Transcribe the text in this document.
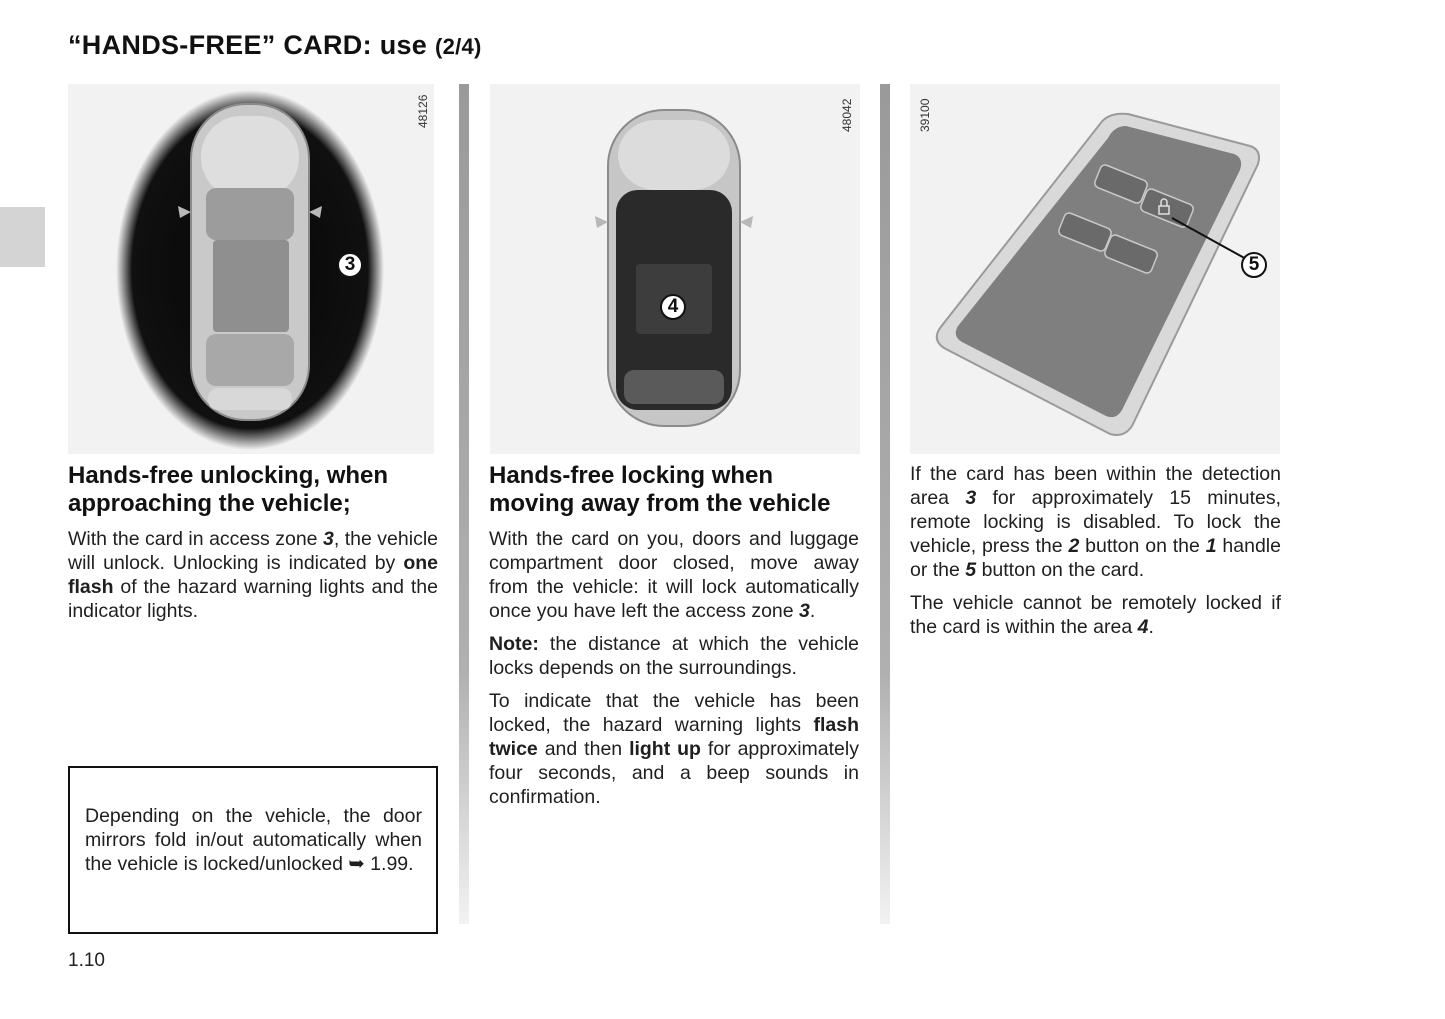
“HANDS-FREE” CARD: use (2/4)
48126
3
48042
4
39100
5
Hands-free unlocking, when approaching the vehicle;

With the card in access zone 3, the vehicle will unlock. Unlocking is indicated by one flash of the hazard warning lights and the indicator lights.

Depending on the vehicle, the door mirrors fold in/out automatically when the vehicle is locked/unlocked ➥ 1.99.

Hands-free locking when moving away from the vehicle

With the card on you, doors and luggage compartment door closed, move away from the vehicle: it will lock automatically once you have left the access zone 3.

Note: the distance at which the vehicle locks depends on the surroundings.

To indicate that the vehicle has been locked, the hazard warning lights flash twice and then light up for approximately four seconds, and a beep sounds in confirmation.

If the card has been within the detection area 3 for approximately 15 minutes, remote locking is disabled. To lock the vehicle, press the 2 button on the 1 handle or the 5 button on the card.

The vehicle cannot be remotely locked if the card is within the area 4.

1.10
